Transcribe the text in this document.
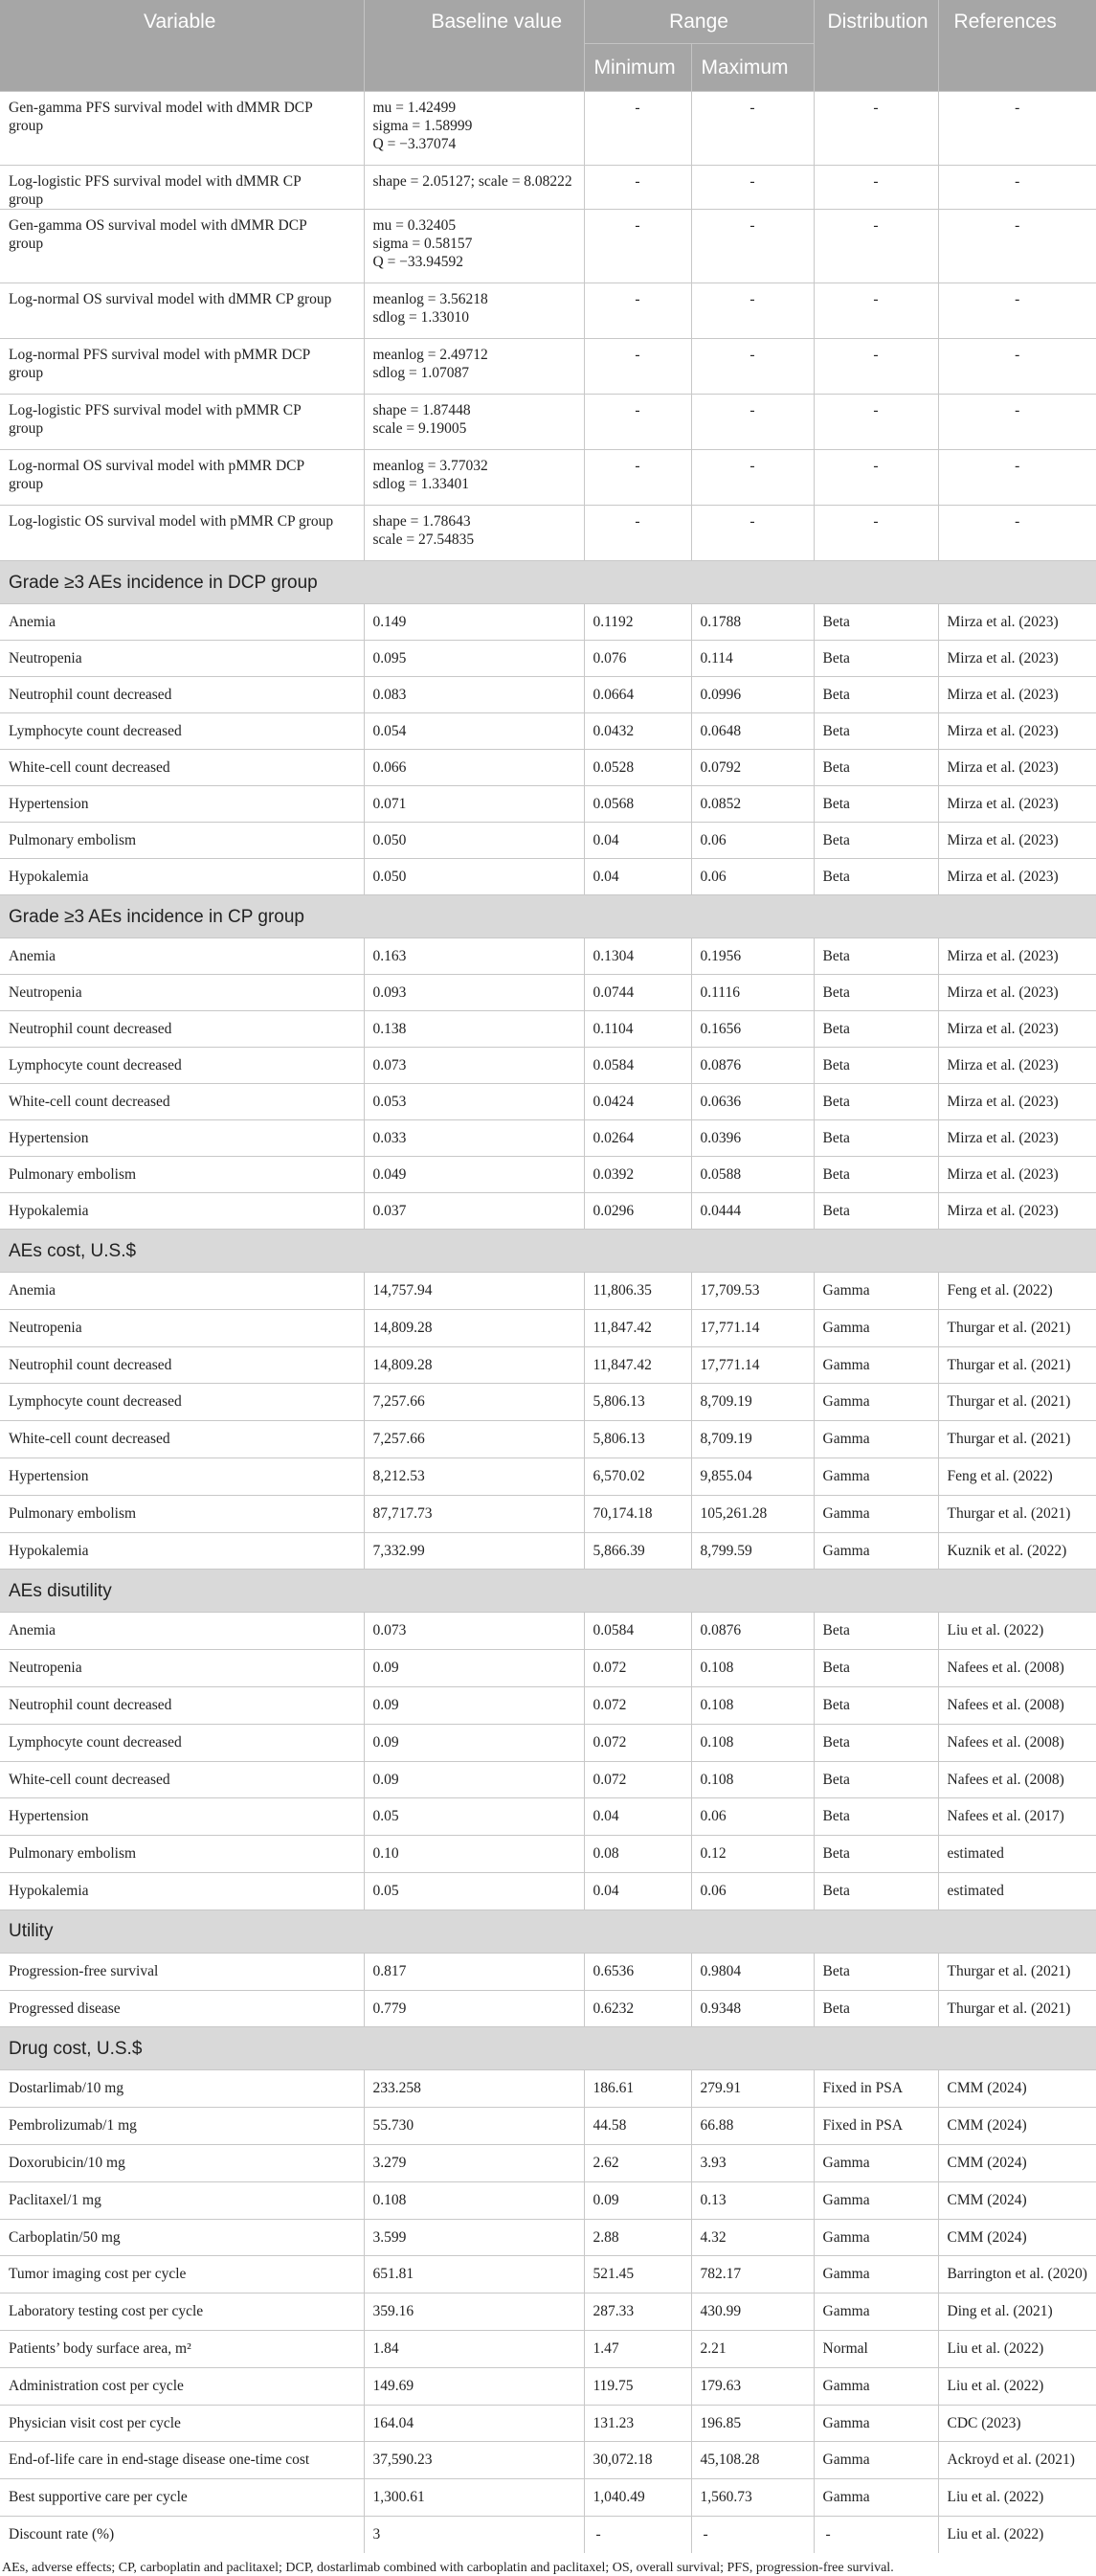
Variable	Baseline value	Range		Distribution	References
		Minimum	Maximum		
Gen-gamma PFS survival model with dMMR DCP group	mu = 1.42499
sigma = 1.58999
Q = −3.37074	-	-	-	-
Log-logistic PFS survival model with dMMR CP group	shape = 2.05127; scale = 8.08222	-	-	-	-
Gen-gamma OS survival model with dMMR DCP group	mu = 0.32405
sigma = 0.58157
Q = −33.94592	-	-	-	-
Log-normal OS survival model with dMMR CP group	meanlog = 3.56218
sdlog = 1.33010	-	-	-	-
Log-normal PFS survival model with pMMR DCP group	meanlog = 2.49712
sdlog = 1.07087	-	-	-	-
Log-logistic PFS survival model with pMMR CP group	shape = 1.87448
scale = 9.19005	-	-	-	-
Log-normal OS survival model with pMMR DCP group	meanlog = 3.77032
sdlog = 1.33401	-	-	-	-
Log-logistic OS survival model with pMMR CP group	shape = 1.78643
scale = 27.54835	-	-	-	-
Grade ≥3 AEs incidence in DCP group					
Anemia	0.149	0.1192	0.1788	Beta	Mirza et al. (2023)
Neutropenia	0.095	0.076	0.114	Beta	Mirza et al. (2023)
Neutrophil count decreased	0.083	0.0664	0.0996	Beta	Mirza et al. (2023)
Lymphocyte count decreased	0.054	0.0432	0.0648	Beta	Mirza et al. (2023)
White-cell count decreased	0.066	0.0528	0.0792	Beta	Mirza et al. (2023)
Hypertension	0.071	0.0568	0.0852	Beta	Mirza et al. (2023)
Pulmonary embolism	0.050	0.04	0.06	Beta	Mirza et al. (2023)
Hypokalemia	0.050	0.04	0.06	Beta	Mirza et al. (2023)
Grade ≥3 AEs incidence in CP group					
Anemia	0.163	0.1304	0.1956	Beta	Mirza et al. (2023)
Neutropenia	0.093	0.0744	0.1116	Beta	Mirza et al. (2023)
Neutrophil count decreased	0.138	0.1104	0.1656	Beta	Mirza et al. (2023)
Lymphocyte count decreased	0.073	0.0584	0.0876	Beta	Mirza et al. (2023)
White-cell count decreased	0.053	0.0424	0.0636	Beta	Mirza et al. (2023)
Hypertension	0.033	0.0264	0.0396	Beta	Mirza et al. (2023)
Pulmonary embolism	0.049	0.0392	0.0588	Beta	Mirza et al. (2023)
Hypokalemia	0.037	0.0296	0.0444	Beta	Mirza et al. (2023)
AEs cost, U.S.$					
Anemia	14,757.94	11,806.35	17,709.53	Gamma	Feng et al. (2022)
Neutropenia	14,809.28	11,847.42	17,771.14	Gamma	Thurgar et al. (2021)
Neutrophil count decreased	14,809.28	11,847.42	17,771.14	Gamma	Thurgar et al. (2021)
Lymphocyte count decreased	7,257.66	5,806.13	8,709.19	Gamma	Thurgar et al. (2021)
White-cell count decreased	7,257.66	5,806.13	8,709.19	Gamma	Thurgar et al. (2021)
Hypertension	8,212.53	6,570.02	9,855.04	Gamma	Feng et al. (2022)
Pulmonary embolism	87,717.73	70,174.18	105,261.28	Gamma	Thurgar et al. (2021)
Hypokalemia	7,332.99	5,866.39	8,799.59	Gamma	Kuznik et al. (2022)
AEs disutility					
Anemia	0.073	0.0584	0.0876	Beta	Liu et al. (2022)
Neutropenia	0.09	0.072	0.108	Beta	Nafees et al. (2008)
Neutrophil count decreased	0.09	0.072	0.108	Beta	Nafees et al. (2008)
Lymphocyte count decreased	0.09	0.072	0.108	Beta	Nafees et al. (2008)
White-cell count decreased	0.09	0.072	0.108	Beta	Nafees et al. (2008)
Hypertension	0.05	0.04	0.06	Beta	Nafees et al. (2017)
Pulmonary embolism	0.10	0.08	0.12	Beta	estimated
Hypokalemia	0.05	0.04	0.06	Beta	estimated
Utility					
Progression-free survival	0.817	0.6536	0.9804	Beta	Thurgar et al. (2021)
Progressed disease	0.779	0.6232	0.9348	Beta	Thurgar et al. (2021)
Drug cost, U.S.$					
Dostarlimab/10 mg	233.258	186.61	279.91	Fixed in PSA	CMM (2024)
Pembrolizumab/1 mg	55.730	44.58	66.88	Fixed in PSA	CMM (2024)
Doxorubicin/10 mg	3.279	2.62	3.93	Gamma	CMM (2024)
Paclitaxel/1 mg	0.108	0.09	0.13	Gamma	CMM (2024)
Carboplatin/50 mg	3.599	2.88	4.32	Gamma	CMM (2024)
Tumor imaging cost per cycle	651.81	521.45	782.17	Gamma	Barrington et al. (2020)
Laboratory testing cost per cycle	359.16	287.33	430.99	Gamma	Ding et al. (2021)
Patients’ body surface area, m²	1.84	1.47	2.21	Normal	Liu et al. (2022)
Administration cost per cycle	149.69	119.75	179.63	Gamma	Liu et al. (2022)
Physician visit cost per cycle	164.04	131.23	196.85	Gamma	CDC (2023)
End-of-life care in end-stage disease one-time cost	37,590.23	30,072.18	45,108.28	Gamma	Ackroyd et al. (2021)
Best supportive care per cycle	1,300.61	1,040.49	1,560.73	Gamma	Liu et al. (2022)
Discount rate (%)	3	-	-	-	Liu et al. (2022)
AEs, adverse effects; CP, carboplatin and paclitaxel; DCP, dostarlimab combined with carboplatin and paclitaxel; OS, overall survival; PFS, progression-free survival.
